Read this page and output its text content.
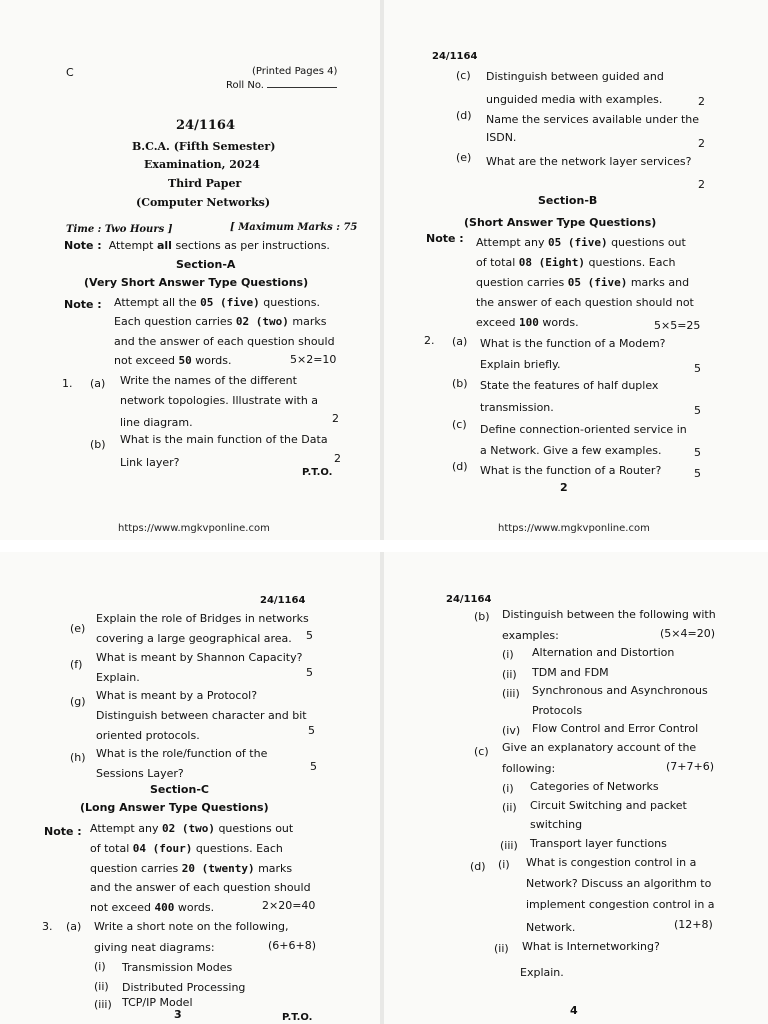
C	(Printed Pages 4)
Roll No.
24/1164
B.C.A. (Fifth Semester)
Examination, 2024
Third Paper
(Computer Networks)
Time : Two Hours ]	[ Maximum Marks : 75
Note : Attempt all sections as per instructions.
Section-A
(Very Short Answer Type Questions)
Note : Attempt all the 05 (five) questions.
Each question carries 02 (two) marks
and the answer of each question should
not exceed 50 words.	5×2=10
1. (a) Write the names of the different
network topologies. Illustrate with a
line diagram.	2
(b) What is the main function of the Data
Link layer?	2
P.T.O.
https://www.mgkvponline.com
24/1164
(c) Distinguish between guided and
unguided media with examples.	2
(d) Name the services available under the
ISDN.	2
(e) What are the network layer services?
2
Section-B
(Short Answer Type Questions)
Note : Attempt any 05 (five) questions out
of total 08 (Eight) questions. Each
question carries 05 (five) marks and
the answer of each question should not
exceed 100 words.	5×5=25
2. (a) What is the function of a Modem?
Explain briefly.	5
(b) State the features of half duplex
transmission.	5
(c) Define connection-oriented service in
a Network. Give a few examples.	5
(d) What is the function of a Router?	5
2
https://www.mgkvponline.com
24/1164
(e)
Explain the role of Bridges in networks
covering a large geographical area. 5
(f)
What is meant by Shannon Capacity?
Explain.	5
(g) What is meant by a Protocol?
Distinguish between character and bit
oriented protocols.	5
(h) What is the role/function of the
Sessions Layer?
5
Section-C
(Long Answer Type Questions)
Note : Attempt any 02 (two) questions out
of total 04 (four) questions. Each
question carries 20 (twenty) marks
and the answer of each question should
not exceed 400 words.	2×20=40
3. (a) Write a short note on the following,
giving neat diagrams:	(6+6+8)
(i) Transmission Modes
(ii) Distributed Processing
(iii) TCP/IP Model
3	P.T.O.
24/1164
(b) Distinguish between the following with
examples:	(5×4=20)
(i) Alternation and Distortion
(ii) TDM and FDM
(iii) Synchronous and Asynchronous
Protocols
(iv) Flow Control and Error Control
(c) Give an explanatory account of the
following:	(7+7+6)
(i) Categories of Networks
(ii) Circuit Switching and packet
switching
(iii) Transport layer functions
(d) (i) What is congestion control in a
Network? Discuss an algorithm to
implement congestion control in a
Network.	(12+8)
(ii) What is Internetworking?
Explain.
4
